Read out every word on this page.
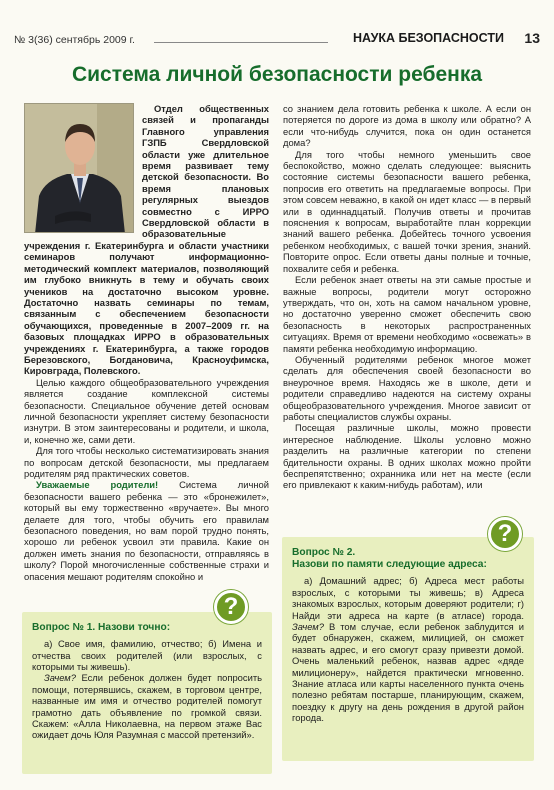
№ 3(36) сентябрь 2009 г.	НАУКА БЕЗОПАСНОСТИ 13
Система личной безопасности ребенка

Отдел общественных связей и пропаганды Главного управления ГЗПБ Свердловской области уже длительное время развивает тему детской безопасности. Во время плановых регулярных выездов совместно с ИРРО Свердловской области в образовательные учреждения г. Екатеринбурга и области участники семинаров получают информационно-методический комплект материалов, позволяющий им глубоко вникнуть в тему и обучать своих учеников на достаточно высоком уровне. Достаточно назвать семинары по темам, связанным с обеспечением безопасности обучающихся, проведенные в 2007–2009 гг. на базовых площадках ИРРО в образовательных учреждениях г. Екатеринбурга, а также городов Березовского, Богдановича, Красноуфимска, Кировграда, Полевского.

Целью каждого общеобразовательного учреждения является создание комплексной системы безопасности. Специальное обучение детей основам личной безопасности укрепляет систему безопасности изнутри. В этом заинтересованы и родители, и школа, и, конечно же, сами дети.

Для того чтобы несколько систематизировать знания по вопросам детской безопасности, мы предлагаем родителям ряд практических советов.

Уважаемые родители! Система личной безопасности вашего ребенка — это «бронежилет», который вы ему торжественно «вручаете». Вы много делаете для того, чтобы обучить его правилам безопасного поведения, но вам порой трудно понять, хорошо ли ребенок усвоил эти правила. Какие он должен иметь знания по безопасности, отправляясь в школу? Порой многочисленные собственные страхи и опасения мешают родителям спокойно и

со знанием дела готовить ребенка к школе. А если он потеряется по дороге из дома в школу или обратно? А если что-нибудь случится, пока он один останется дома?

Для того чтобы немного уменьшить свое беспокойство, можно сделать следующее: выяснить состояние системы безопасности вашего ребенка, попросив его ответить на предлагаемые вопросы. При этом совсем неважно, в какой он идет класс — в первый или в одиннадцатый. Получив ответы и прочитав пояснения к вопросам, выработайте план коррекции знаний вашего ребенка. Добейтесь точного усвоения ребенком необходимых, с вашей точки зрения, знаний. Повторите опрос. Если ответы даны полные и точные, похвалите себя и ребенка.

Если ребенок знает ответы на эти самые простые и важные вопросы, родители могут осторожно утверждать, что он, хоть на самом начальном уровне, но достаточно уверенно сможет обеспечить свою безопасность в некоторых распространенных ситуациях. Время от времени необходимо «освежать» в памяти ребенка необходимую информацию.

Обученный родителями ребенок многое может сделать для обеспечения своей безопасности во внеурочное время. Находясь же в школе, дети и родители справедливо надеются на систему охраны общеобразовательного учреждения. Многое зависит от работы специалистов службы охраны.

Посещая различные школы, можно провести интересное наблюдение. Школы условно можно разделить на различные категории по степени бдительности охраны. В одних школах можно пройти беспрепятственно; охранника или нет на месте (если его привлекают к каким-нибудь работам), или

Вопрос № 1. Назови точно:

а) Свое имя, фамилию, отчество; б) Имена и отчества своих родителей (или взрослых, с которыми ты живешь).

Зачем? Если ребенок должен будет попросить помощи, потерявшись, скажем, в торговом центре, названные им имя и отчество родителей помогут грамотно дать объявление по громкой связи. Скажем: «Алла Николаевна, на первом этаже Вас ожидает дочь Юля Разумная с массой претензий».

?

Вопрос № 2.
Назови по памяти следующие адреса:

а) Домашний адрес; б) Адреса мест работы взрослых, с которыми ты живешь; в) Адреса знакомых взрослых, которым доверяют родители; г) Найди эти адреса на карте (в атласе) города. Зачем? В том случае, если ребенок заблудится и будет обнаружен, скажем, милицией, он сможет назвать адрес, и его смогут сразу привезти домой. Очень маленький ребенок, назвав адрес «дяде милиционеру», найдется практически мгновенно. Знание атласа или карты населенного пункта очень полезно ребятам постарше, планирующим, скажем, поездку к другу на день рождения в другой район города.

?
